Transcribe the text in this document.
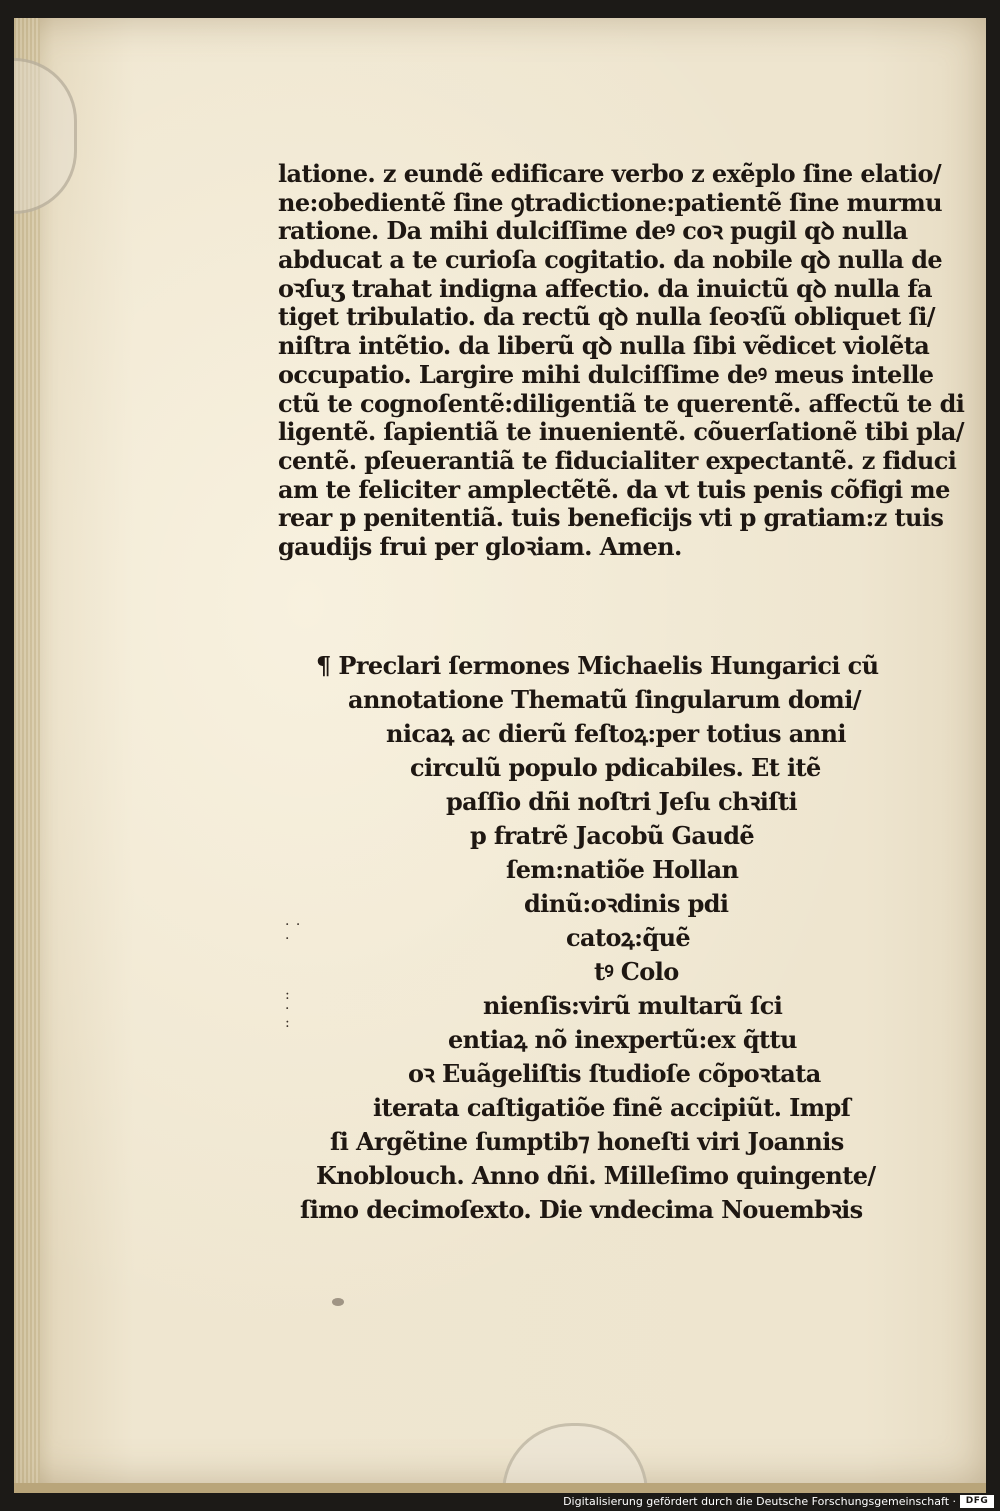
latione. z eundẽ edificare verbo z exẽplo ſine elatio/
ne:obedientẽ ſine ꝯtradictione:patientẽ ſine murmu
ratione. Da mihi dulciſſime deꝰ coꝛ pugil qꝺ nulla
abducat a te curioſa cogitatio. da nobile qꝺ nulla de
oꝛſuʒ trahat indigna affectio. da inuictũ qꝺ nulla fa
tiget tribulatio. da rectũ qꝺ nulla ſeoꝛſũ obliquet ſi/
niſtra intẽtio. da liberũ qꝺ nulla ſibi vẽdicet violẽta
occupatio. Largire mihi dulciſſime deꝰ meus intelle
ctũ te cognoſentẽ:diligentiã te querentẽ. affectũ te di
ligentẽ. ſapientiã te inuenientẽ. cõuerſationẽ tibi pla/
centẽ. pſeuerantiã te fiducialiter expectantẽ. z fiduci
am te feliciter amplectẽtẽ. da vt tuis penis cõfigi me
rear p penitentiã. tuis beneficijs vti p gratiam:z tuis
gaudijs frui per gloꝛiam. Amen.
¶ Preclari ſermones Michaelis Hungarici cũ
annotatione Thematũ ſingularum domi/
nicaꝝ ac dierũ feſtoꝝ:per totius anni
circulũ populo pdicabiles. Et itẽ
paſſio dñi noſtri Jeſu chꝛiſti
p fratrẽ Jacobũ Gaudẽ
ſem:natiõe Hollan
dinũ:oꝛdinis pdi
catoꝝ:q̃uẽ
tꝰ Colo
nienſis:virũ multarũ ſci
entiaꝝ nõ inexpertũ:ex q̃ttu
oꝛ Euãgeliſtis ſtudioſe cõpoꝛtata
iterata caſtigatiõe finẽ accipiũt. Impſ
ſi Argẽtine ſumptib⁊ honeſti viri Joannis
Knoblouch. Anno dñi. Milleſimo quingente/
ſimo decimoſexto. Die vndecima Nouembꝛis
· ·
·
:
·
:
Digitalisierung gefördert durch die Deutsche Forschungsgemeinschaft ·	DFG
